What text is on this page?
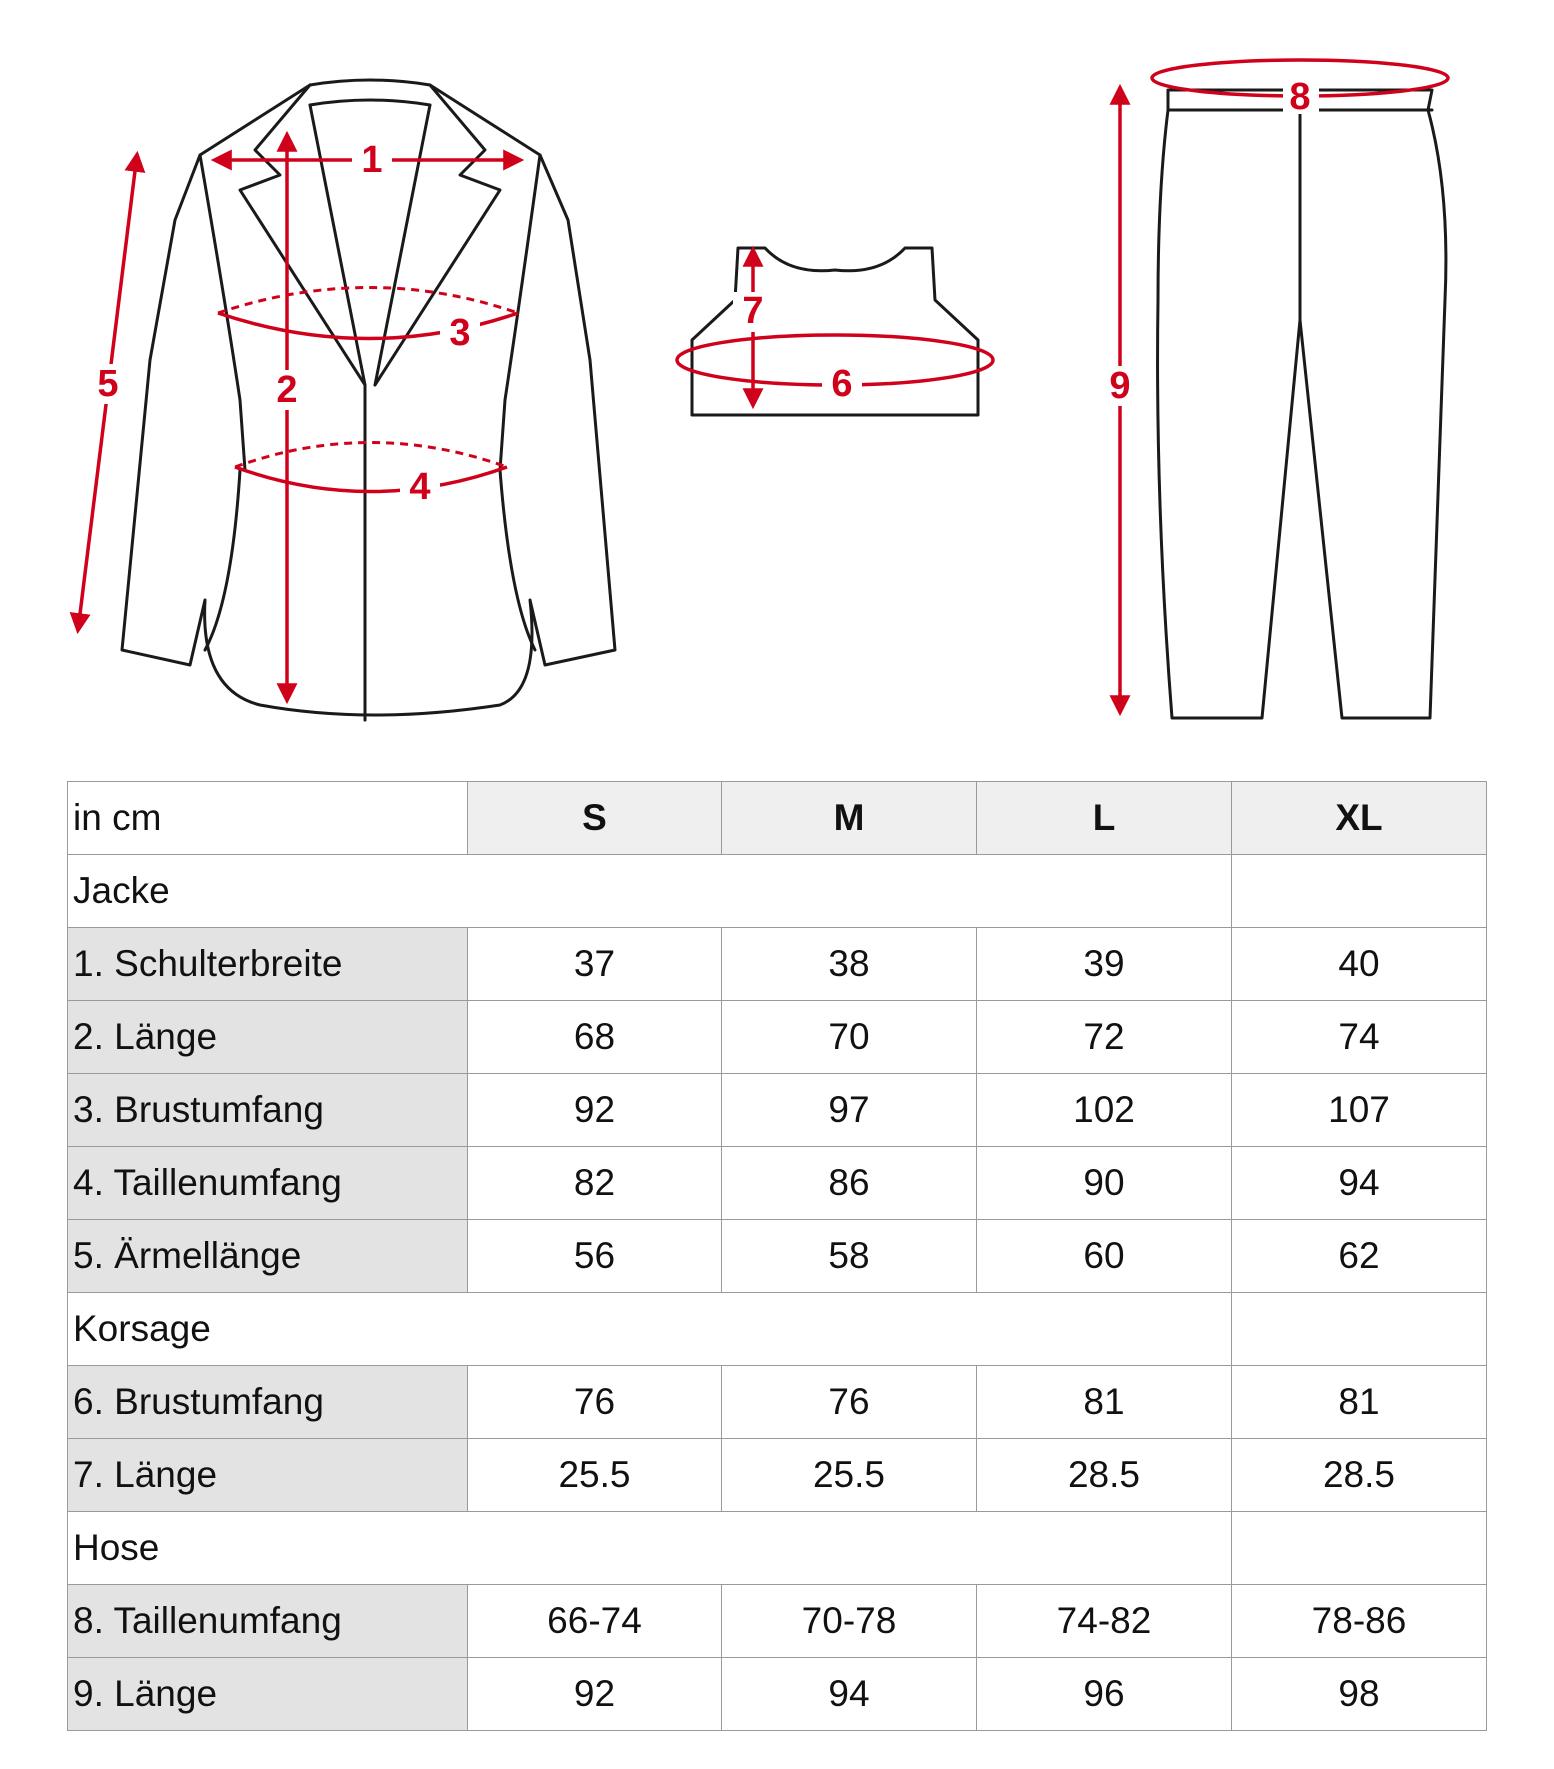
1
2
3
4
5
7
6
8
9
in cm	S	M	L	XL
Jacke				
1. Schulterbreite	37	38	39	40
2. Länge	68	70	72	74
3. Brustumfang	92	97	102	107
4. Taillenumfang	82	86	90	94
5. Ärmellänge	56	58	60	62
Korsage				
6. Brustumfang	76	76	81	81
7. Länge	25.5	25.5	28.5	28.5
Hose				
8. Taillenumfang	66-74	70-78	74-82	78-86
9. Länge	92	94	96	98
